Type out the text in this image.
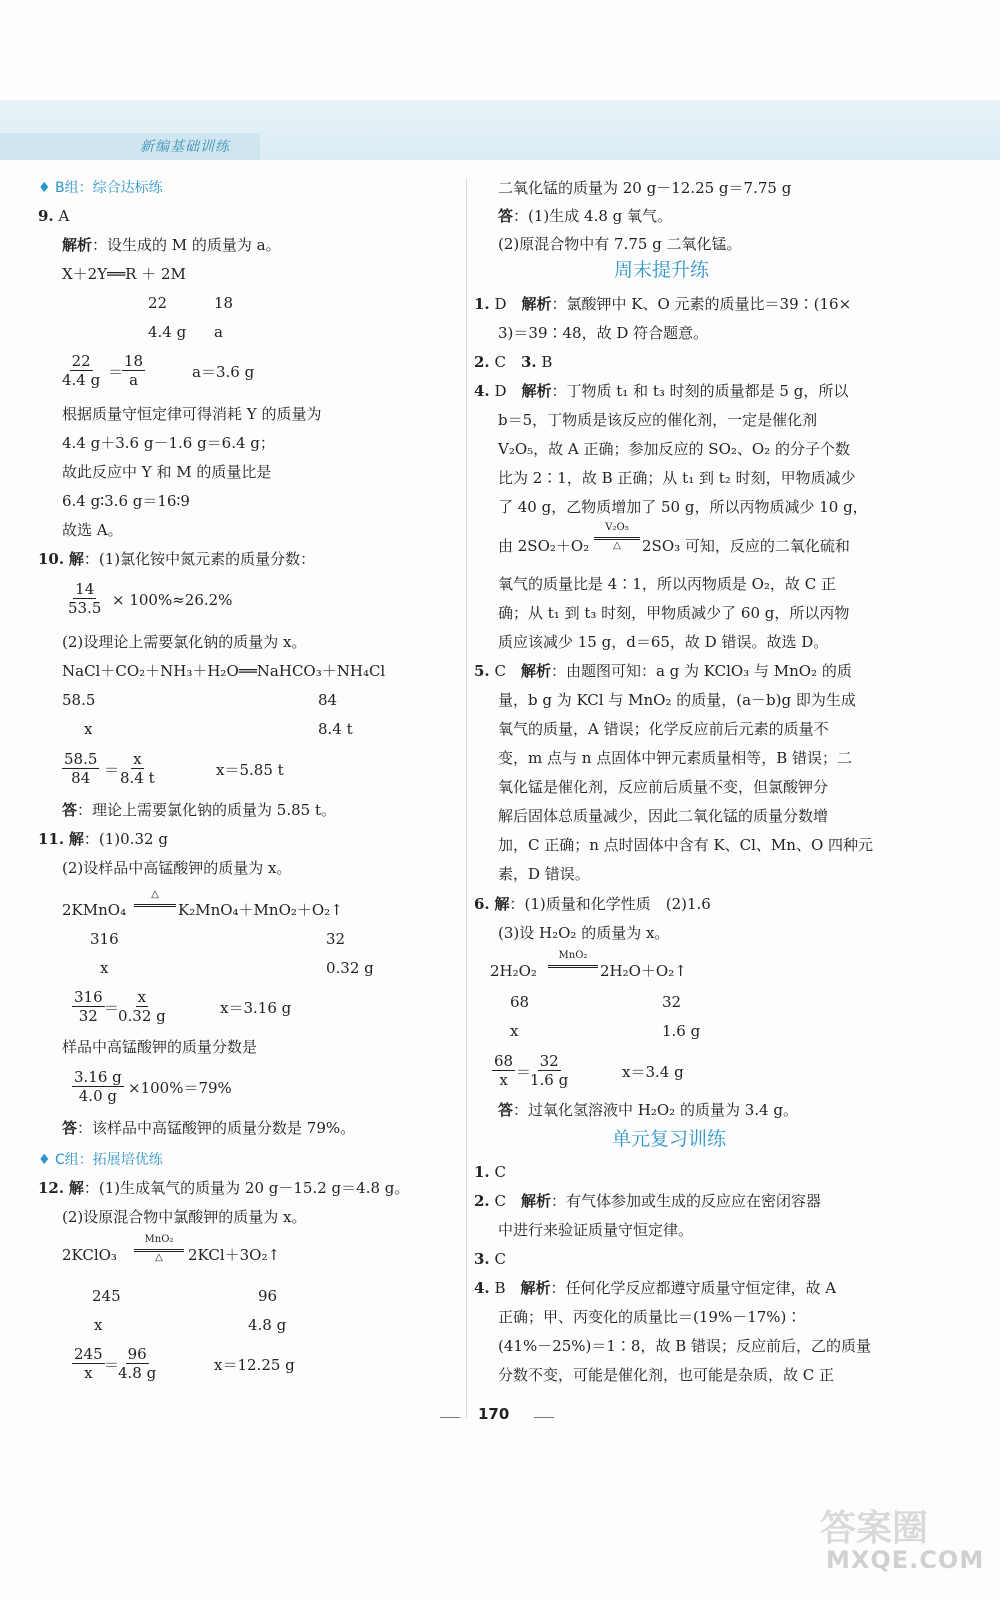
新编基础训练
♦ B组：综合达标练
9. A
解析：设生成的 M 的质量为 a。
X＋2Y══R ＋ 2M
22	18
4.4 g a
$\frac{22}{4.4 g}$ ＝
$\frac{18}{a}$	a＝3.6 g
根据质量守恒定律可得消耗 Y 的质量为
4.4 g＋3.6 g－1.6 g＝6.4 g；
故此反应中 Y 和 M 的质量比是
6.4 g∶3.6 g＝16∶9
故选 A。
10. 解：(1)氯化铵中氮元素的质量分数：
$\frac{14}{53.5} \times 100\%\approx 26.2\%$
(2)设理论上需要氯化钠的质量为 x。
NaCl＋CO₂＋NH₃＋H₂O══NaHCO₃＋NH₄Cl
58.5	84
x	8.4 t
$\frac{58.5}{84} = \frac{x}{8.4 t}$	x＝5.85 t
答：理论上需要氯化钠的质量为 5.85 t。
11. 解：(1)0.32 g
(2)设样品中高锰酸钾的质量为 x。
2KMnO₄
△
K₂MnO₄＋MnO₂＋O₂↑
316	32
x	0.32 g
$\frac{316}{32}$ ＝
$\frac{x}{0.32 g}$	x＝3.16 g
样品中高锰酸钾的质量分数是
$\frac{3.16 g}{4.0 g} \times 100\%=79\%$
答：该样品中高锰酸钾的质量分数是 79%。
♦ C组：拓展培优练
12. 解：(1)生成氧气的质量为 20 g－15.2 g＝4.8 g。
(2)设原混合物中氯酸钾的质量为 x。
2KClO₃
MnO₂
△	2KCl＋3O₂↑
245	96
x	4.8 g
$\frac{245}{x}$ ＝
$\frac{96}{4.8 g}$	x＝12.25 g
二氧化锰的质量为 20 g－12.25 g＝7.75 g
答：(1)生成 4.8 g 氧气。
(2)原混合物中有 7.75 g 二氧化锰。
周末提升练
1. D　解析：氯酸钾中 K、O 元素的质量比＝39∶(16×
3)＝39∶48，故 D 符合题意。
2. C　3. B
4. D　解析：丁物质 t₁ 和 t₃ 时刻的质量都是 5 g，所以
b＝5，丁物质是该反应的催化剂，一定是催化剂
V₂O₅，故 A 正确；参加反应的 SO₂、O₂ 的分子个数
比为 2∶1，故 B 正确；从 t₁ 到 t₂ 时刻，甲物质减少
了 40 g，乙物质增加了 50 g，所以丙物质减少 10 g，
由 2SO₂＋O₂
V₂O₅
△	2SO₃ 可知，反应的二氧化硫和
氧气的质量比是 4∶1，所以丙物质是 O₂，故 C 正
确；从 t₁ 到 t₃ 时刻，甲物质减少了 60 g，所以丙物
质应该减少 15 g，d＝65，故 D 错误。故选 D。
5. C　解析：由题图可知：a g 为 KClO₃ 与 MnO₂ 的质
量，b g 为 KCl 与 MnO₂ 的质量，(a－b)g 即为生成
氧气的质量，A 错误；化学反应前后元素的质量不
变，m 点与 n 点固体中钾元素质量相等，B 错误；二
氧化锰是催化剂，反应前后质量不变，但氯酸钾分
解后固体总质量减少，因此二氧化锰的质量分数增
加，C 正确；n 点时固体中含有 K、Cl、Mn、O 四种元
素，D 错误。
6. 解：(1)质量和化学性质　(2)1.6
(3)设 H₂O₂ 的质量为 x。
2H₂O₂
MnO₂
2H₂O＋O₂↑
68	32
x	1.6 g
$\frac{68}{x}$ ＝
$\frac{32}{1.6 g}$	x＝3.4 g
答：过氧化氢溶液中 H₂O₂ 的质量为 3.4 g。
单元复习训练
1. C
2. C　解析：有气体参加或生成的反应应在密闭容器
中进行来验证质量守恒定律。
3. C
4. B　解析：任何化学反应都遵守质量守恒定律，故 A
正确；甲、丙变化的质量比＝(19%－17%)∶
(41%－25%)＝1∶8，故 B 错误；反应前后，乙的质量
分数不变，可能是催化剂，也可能是杂质，故 C 正
170
答案圈
MXQE.COM
